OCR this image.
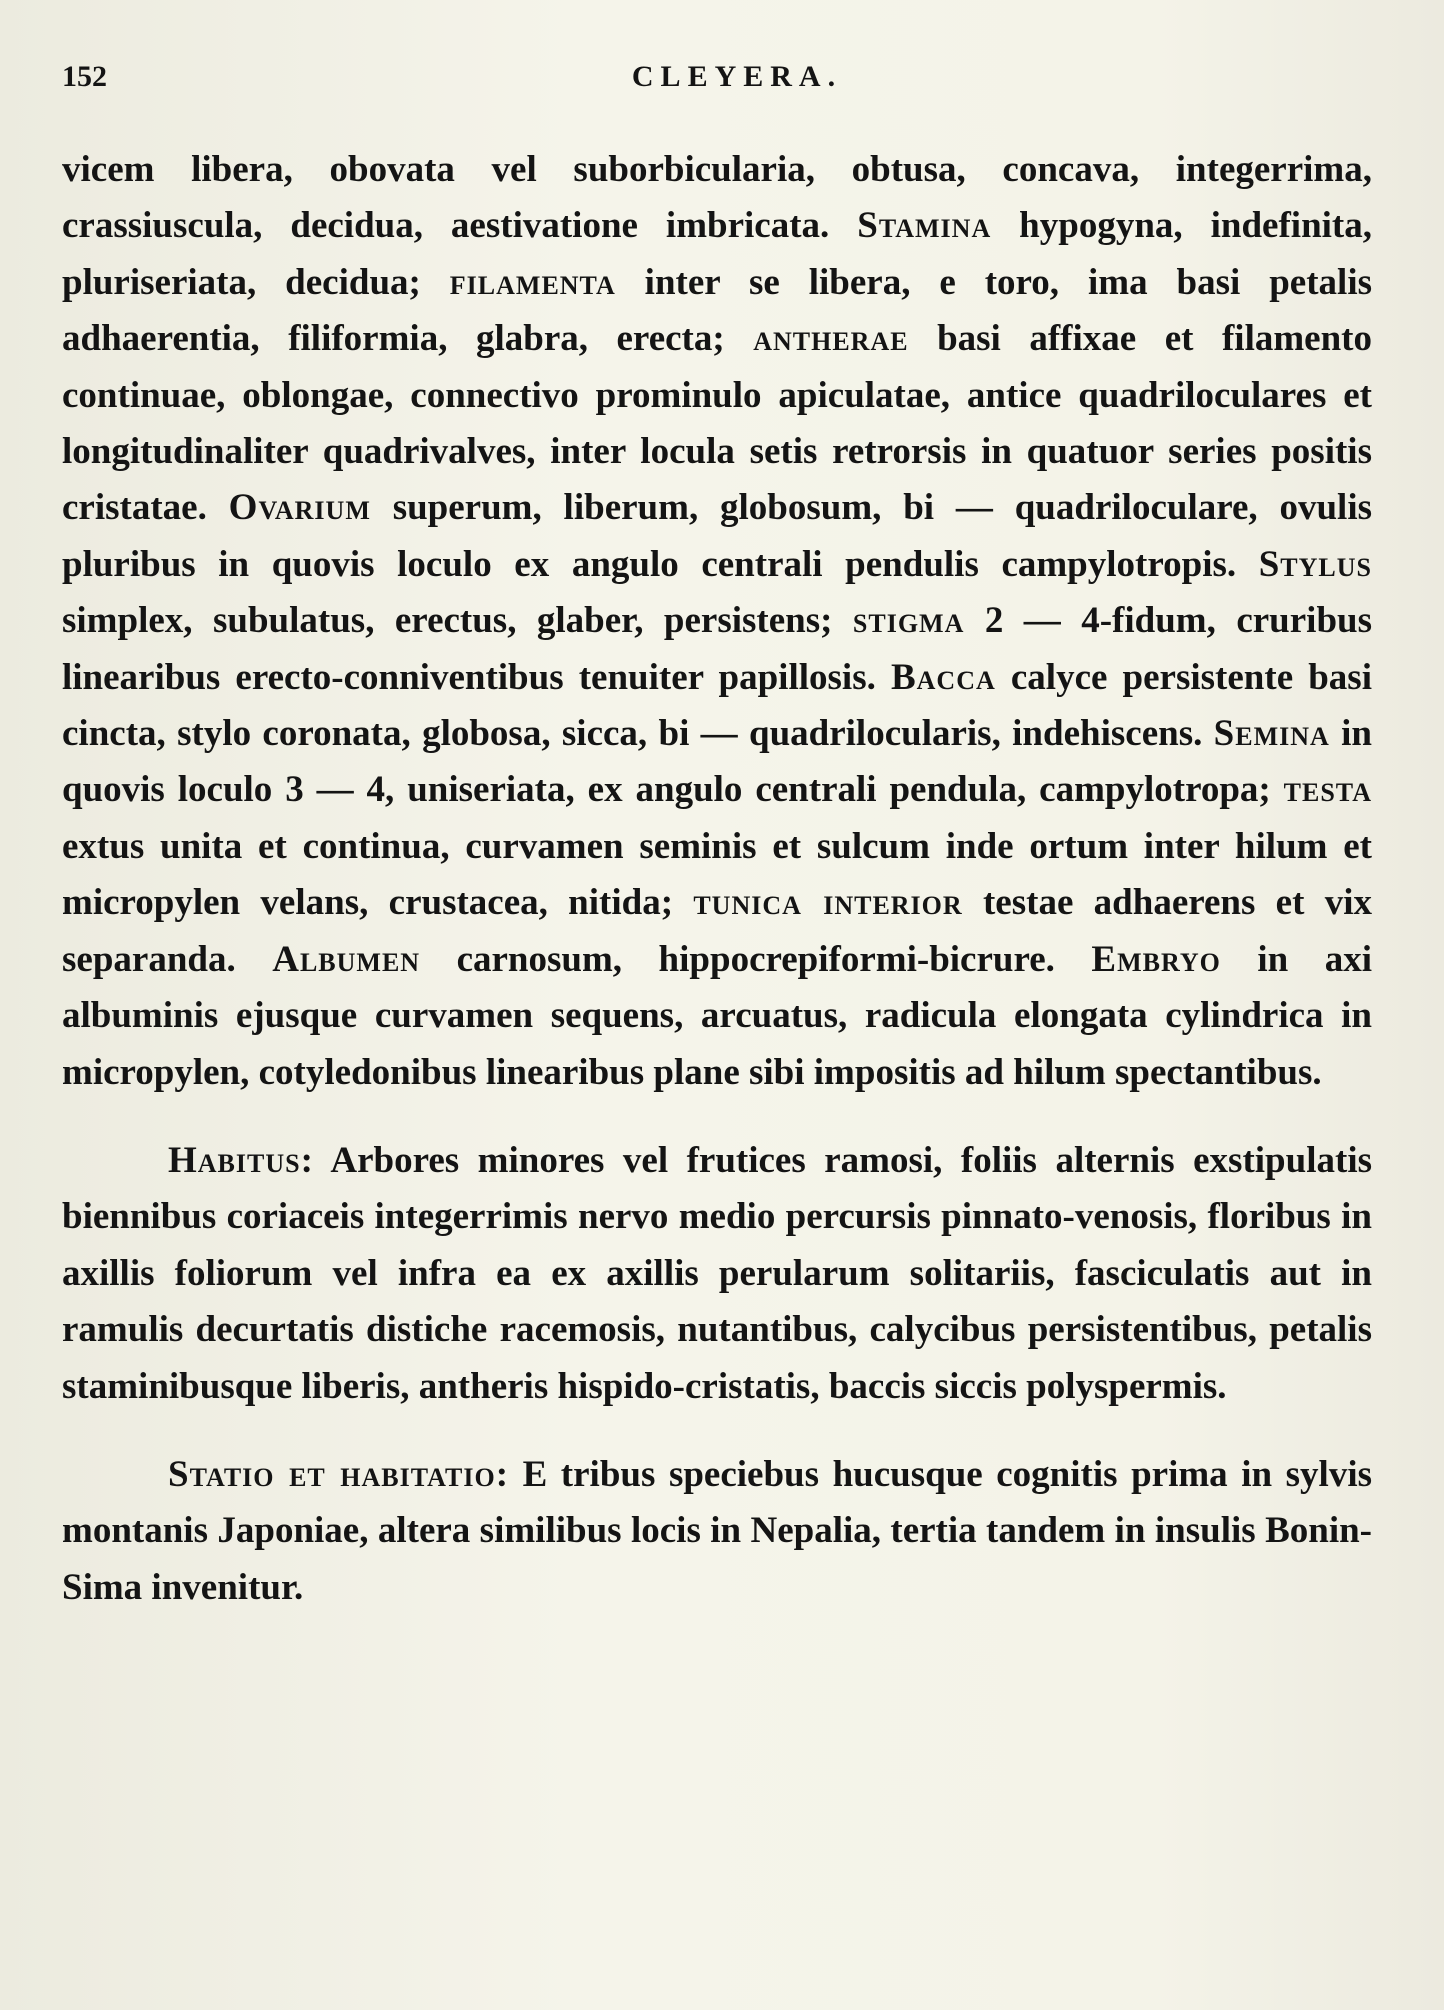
152	CLEYERA.

vicem libera, obovata vel suborbicularia, obtusa, concava, integerrima, crassiuscula, decidua, aestivatione imbricata. Stamina hypogyna, indefinita, pluriseriata, decidua; filamenta inter se libera, e toro, ima basi petalis adhaerentia, filiformia, glabra, erecta; antherae basi affixae et filamento continuae, oblongae, connectivo prominulo apiculatae, antice quadriloculares et longitudinaliter quadrivalves, inter locula setis retrorsis in quatuor series positis cristatae. Ovarium superum, liberum, globosum, bi — quadriloculare, ovulis pluribus in quovis loculo ex angulo centrali pendulis campylotropis. Stylus simplex, subulatus, erectus, glaber, persistens; stigma 2 — 4-fidum, cruribus linearibus erecto-conniventibus tenuiter papillosis. Bacca calyce persistente basi cincta, stylo coronata, globosa, sicca, bi — quadrilocularis, indehiscens. Semina in quovis loculo 3 — 4, uniseriata, ex angulo centrali pendula, campylotropa; testa extus unita et continua, curvamen seminis et sulcum inde ortum inter hilum et micropylen velans, crustacea, nitida; tunica interior testae adhaerens et vix separanda. Albumen carnosum, hippocrepiformi-bicrure. Embryo in axi albuminis ejusque curvamen sequens, arcuatus, radicula elongata cylindrica in micropylen, cotyledonibus linearibus plane sibi impositis ad hilum spectantibus.

Habitus: Arbores minores vel frutices ramosi, foliis alternis exstipulatis biennibus coriaceis integerrimis nervo medio percursis pinnato-venosis, floribus in axillis foliorum vel infra ea ex axillis perularum solitariis, fasciculatis aut in ramulis decurtatis distiche racemosis, nutantibus, calycibus persistentibus, petalis staminibusque liberis, antheris hispido-cristatis, baccis siccis polyspermis.

Statio et habitatio: E tribus speciebus hucusque cognitis prima in sylvis montanis Japoniae, altera similibus locis in Nepalia, tertia tandem in insulis Bonin-Sima invenitur.
